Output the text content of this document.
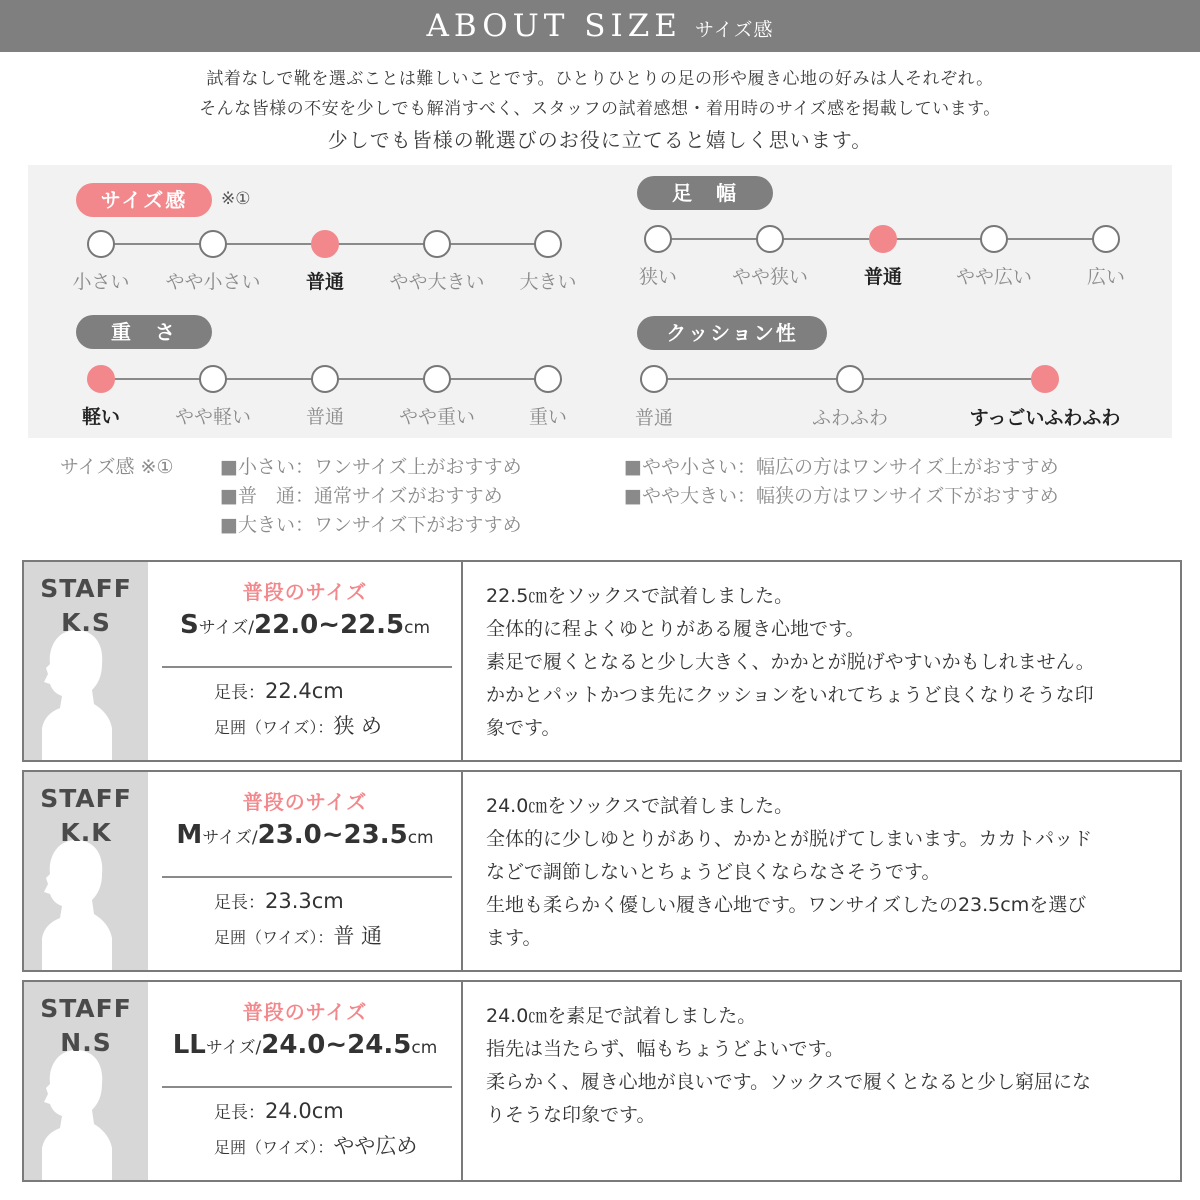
ABOUT SIZE サイズ感
試着なしで靴を選ぶことは難しいことです。ひとりひとりの足の形や履き心地の好みは人それぞれ。
そんな皆様の不安を少しでも解消すべく、スタッフの試着感想・着用時のサイズ感を掲載しています。
少しでも皆様の靴選びのお役に立てると嬉しく思います。
サイズ感	※①
小さい	やや小さい	普通	やや大きい	大きい
重　さ
軽い	やや軽い	普通	やや重い	重い
足　幅
狭い	やや狭い	普通	やや広い	広い
クッション性
普通	ふわふわ	すっごいふわふわ
サイズ感 ※① ■小さい：ワンサイズ上がおすすめ
■普　通：通常サイズがおすすめ
■大きい：ワンサイズ下がおすすめ
■やや小さい：幅広の方はワンサイズ上がおすすめ
■やや大きい：幅狭の方はワンサイズ下がおすすめ
STAFF
K.S
普段のサイズ
Sサイズ/22.0~22.5cm
足長：22.4cm
足囲（ワイズ）：狭 め
22.5㎝をソックスで試着しました。
全体的に程よくゆとりがある履き心地です。
素足で履くとなると少し大きく、かかとが脱げやすいかもしれません。
かかとパットかつま先にクッションをいれてちょうど良くなりそうな印
象です。
STAFF
K.K
普段のサイズ
Mサイズ/23.0~23.5cm
足長：23.3cm
足囲（ワイズ）：普 通
24.0㎝をソックスで試着しました。
全体的に少しゆとりがあり、かかとが脱げてしまいます。カカトパッド
などで調節しないとちょうど良くならなさそうです。
生地も柔らかく優しい履き心地です。ワンサイズしたの23.5cmを選び
ます。
STAFF
N.S
普段のサイズ
LLサイズ/24.0~24.5cm
足長：24.0cm
足囲（ワイズ）：やや広め
24.0㎝を素足で試着しました。
指先は当たらず、幅もちょうどよいです。
柔らかく、履き心地が良いです。ソックスで履くとなると少し窮屈にな
りそうな印象です。
